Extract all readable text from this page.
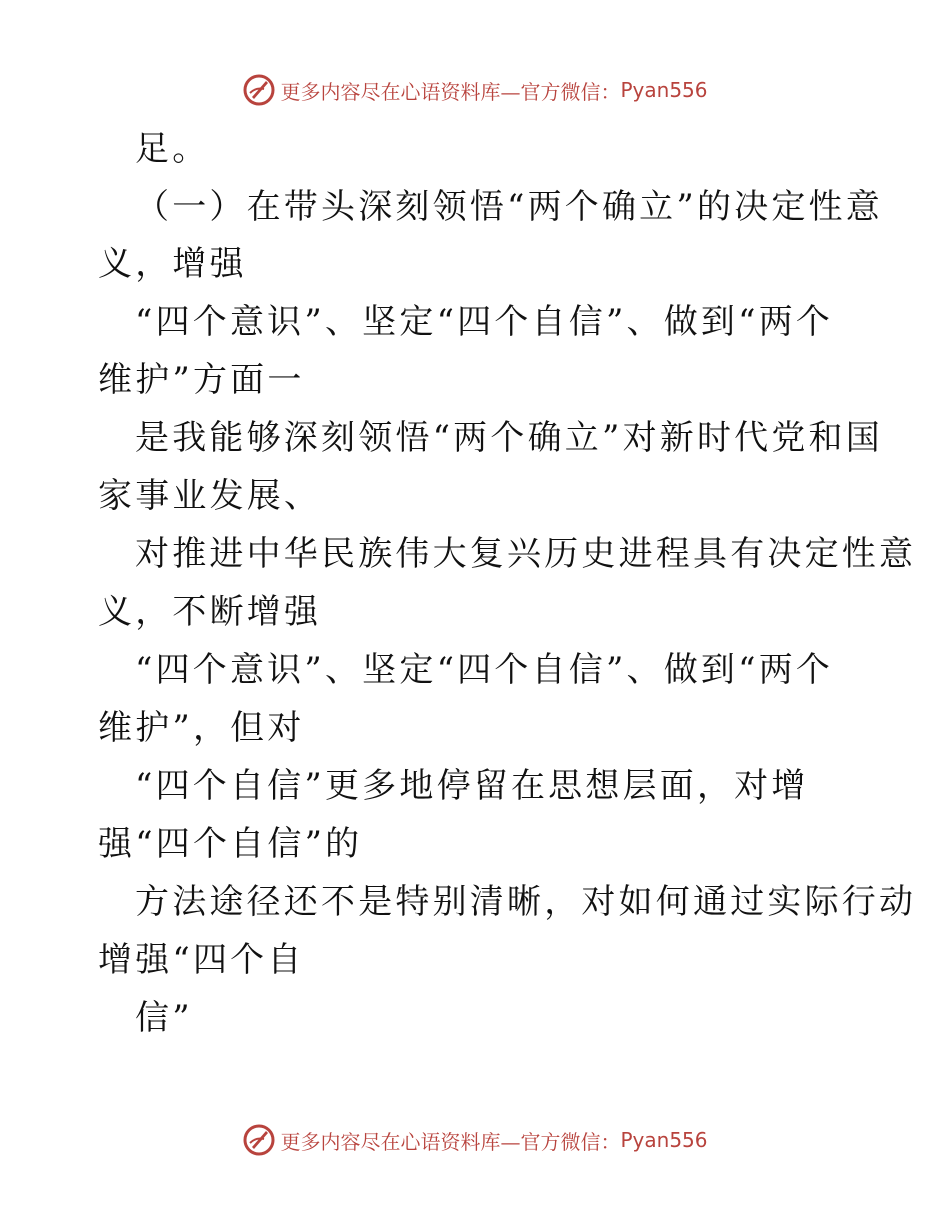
更多内容尽在心语资料库—官方微信： Pyan556
足。
（一）在带头深刻领悟“两个确立”的决定性意
义，增强
“四个意识”、坚定“四个自信”、做到“两个
维护”方面一
是我能够深刻领悟“两个确立”对新时代党和国
家事业发展、
对推进中华民族伟大复兴历史进程具有决定性意
义，不断增强
“四个意识”、坚定“四个自信”、做到“两个
维护”，但对
“四个自信”更多地停留在思想层面，对增
强“四个自信”的
方法途径还不是特别清晰，对如何通过实际行动
增强“四个自
信”
更多内容尽在心语资料库—官方微信： Pyan556
